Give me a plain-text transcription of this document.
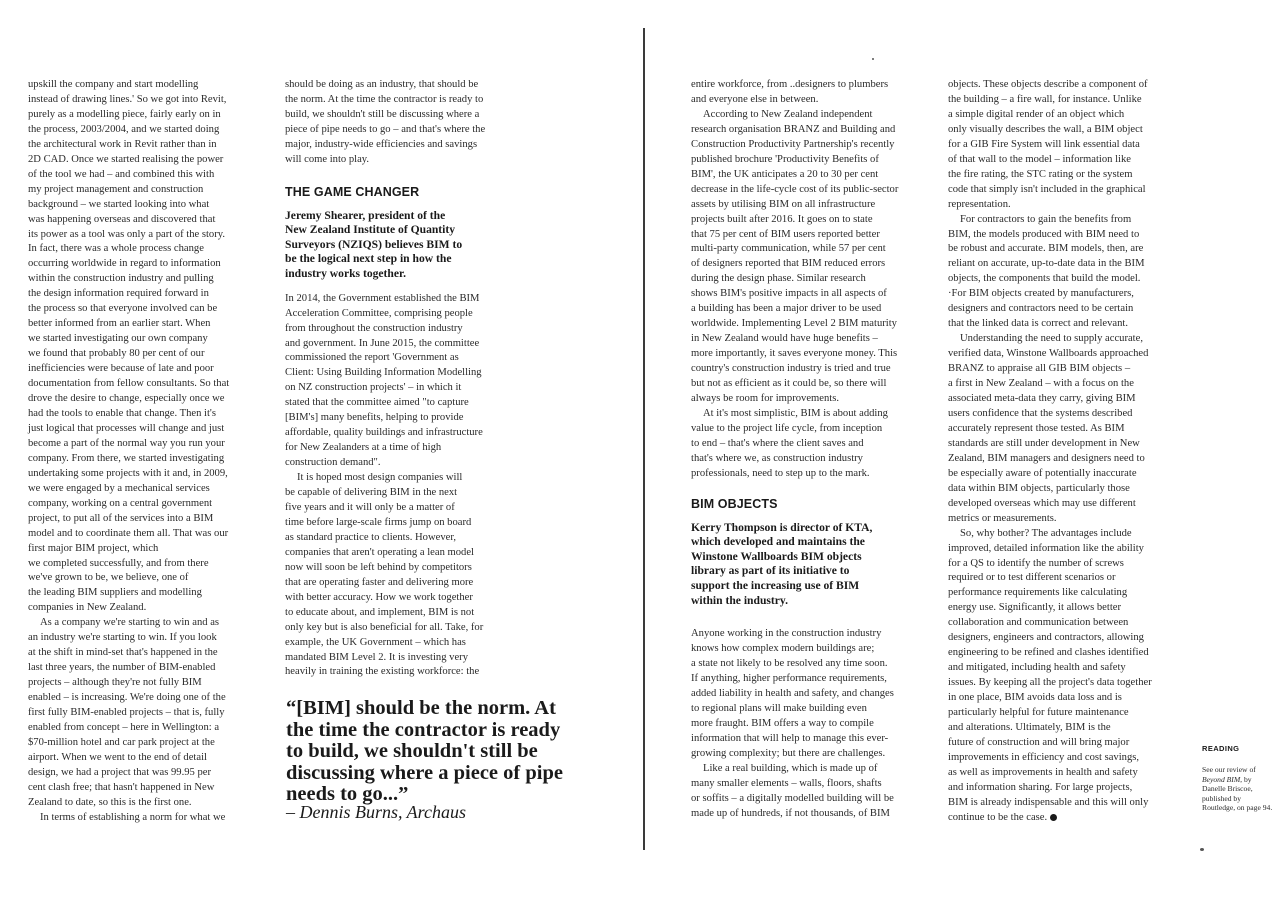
upskill the company and start modelling
instead of drawing lines.' So we got into Revit,
purely as a modelling piece, fairly early on in
the process, 2003/2004, and we started doing
the architectural work in Revit rather than in
2D CAD. Once we started realising the power
of the tool we had – and combined this with
my project management and construction
background – we started looking into what
was happening overseas and discovered that
its power as a tool was only a part of the story.
In fact, there was a whole process change
occurring worldwide in regard to information
within the construction industry and pulling
the design information required forward in
the process so that everyone involved can be
better informed from an earlier start. When
we started investigating our own company
we found that probably 80 per cent of our
inefficiencies were because of late and poor
documentation from fellow consultants. So that
drove the desire to change, especially once we
had the tools to enable that change. Then it's
just logical that processes will change and just
become a part of the normal way you run your
company. From there, we started investigating
undertaking some projects with it and, in 2009,
we were engaged by a mechanical services
company, working on a central government
project, to put all of the services into a BIM
model and to coordinate them all. That was our
first major BIM project, which
we completed successfully, and from there
we've grown to be, we believe, one of
the leading BIM suppliers and modelling
companies in New Zealand.

As a company we're starting to win and as
an industry we're starting to win. If you look
at the shift in mind-set that's happened in the
last three years, the number of BIM-enabled
projects – although they're not fully BIM
enabled – is increasing. We're doing one of the
first fully BIM-enabled projects – that is, fully
enabled from concept – here in Wellington: a
$70-million hotel and car park project at the
airport. When we went to the end of detail
design, we had a project that was 99.95 per
cent clash free; that hasn't happened in New
Zealand to date, so this is the first one.

In terms of establishing a norm for what we

should be doing as an industry, that should be
the norm. At the time the contractor is ready to
build, we shouldn't still be discussing where a
piece of pipe needs to go – and that's where the
major, industry-wide efficiencies and savings
will come into play.

THE GAME CHANGER

Jeremy Shearer, president of the
New Zealand Institute of Quantity
Surveyors (NZIQS) believes BIM to
be the logical next step in how the
industry works together.

In 2014, the Government established the BIM
Acceleration Committee, comprising people
from throughout the construction industry
and government. In June 2015, the committee
commissioned the report 'Government as
Client: Using Building Information Modelling
on NZ construction projects' – in which it
stated that the committee aimed "to capture
[BIM's] many benefits, helping to provide
affordable, quality buildings and infrastructure
for New Zealanders at a time of high
construction demand".

It is hoped most design companies will
be capable of delivering BIM in the next
five years and it will only be a matter of
time before large-scale firms jump on board
as standard practice to clients. However,
companies that aren't operating a lean model
now will soon be left behind by competitors
that are operating faster and delivering more
with better accuracy. How we work together
to educate about, and implement, BIM is not
only key but is also beneficial for all. Take, for
example, the UK Government – which has
mandated BIM Level 2. It is investing very
heavily in training the existing workforce: the

“[BIM] should be the norm. At
the time the contractor is ready
to build, we shouldn't still be
discussing where a piece of pipe
needs to go...”

– Dennis Burns, Archaus

entire workforce, from ..designers to plumbers
and everyone else in between.

According to New Zealand independent
research organisation BRANZ and Building and
Construction Productivity Partnership's recently
published brochure 'Productivity Benefits of
BIM', the UK anticipates a 20 to 30 per cent
decrease in the life-cycle cost of its public-sector
assets by utilising BIM on all infrastructure
projects built after 2016. It goes on to state
that 75 per cent of BIM users reported better
multi-party communication, while 57 per cent
of designers reported that BIM reduced errors
during the design phase. Similar research
shows BIM's positive impacts in all aspects of
a building has been a major driver to be used
worldwide. Implementing Level 2 BIM maturity
in New Zealand would have huge benefits –
more importantly, it saves everyone money. This
country's construction industry is tried and true
but not as efficient as it could be, so there will
always be room for improvements.

At it's most simplistic, BIM is about adding
value to the project life cycle, from inception
to end – that's where the client saves and
that's where we, as construction industry
professionals, need to step up to the mark.

BIM OBJECTS

Kerry Thompson is director of KTA,
which developed and maintains the
Winstone Wallboards BIM objects
library as part of its initiative to
support the increasing use of BIM
within the industry.

Anyone working in the construction industry
knows how complex modern buildings are;
a state not likely to be resolved any time soon.
If anything, higher performance requirements,
added liability in health and safety, and changes
to regional plans will make building even
more fraught. BIM offers a way to compile
information that will help to manage this ever-
growing complexity; but there are challenges.

Like a real building, which is made up of
many smaller elements – walls, floors, shafts
or soffits – a digitally modelled building will be
made up of hundreds, if not thousands, of BIM

objects. These objects describe a component of
the building – a fire wall, for instance. Unlike
a simple digital render of an object which
only visually describes the wall, a BIM object
for a GIB Fire System will link essential data
of that wall to the model – information like
the fire rating, the STC rating or the system
code that simply isn't included in the graphical
representation.

For contractors to gain the benefits from
BIM, the models produced with BIM need to
be robust and accurate. BIM models, then, are
reliant on accurate, up-to-date data in the BIM
objects, the components that build the model.
·For BIM objects created by manufacturers,
designers and contractors need to be certain
that the linked data is correct and relevant.

Understanding the need to supply accurate,
verified data, Winstone Wallboards approached
BRANZ to appraise all GIB BIM objects –
a first in New Zealand – with a focus on the
associated meta-data they carry, giving BIM
users confidence that the systems described
accurately represent those tested. As BIM
standards are still under development in New
Zealand, BIM managers and designers need to
be especially aware of potentially inaccurate
data within BIM objects, particularly those
developed overseas which may use different
metrics or measurements.

So, why bother? The advantages include
improved, detailed information like the ability
for a QS to identify the number of screws
required or to test different scenarios or
performance requirements like calculating
energy use. Significantly, it allows better
collaboration and communication between
designers, engineers and contractors, allowing
engineering to be refined and clashes identified
and mitigated, including health and safety
issues. By keeping all the project's data together
in one place, BIM avoids data loss and is
particularly helpful for future maintenance
and alterations. Ultimately, BIM is the
future of construction and will bring major
improvements in efficiency and cost savings,
as well as improvements in health and safety
and information sharing. For large projects,
BIM is already indispensable and this will only
continue to be the case.

READING

See our review of Beyond BIM, by Danelle Briscoe, published by Routledge, on page 94.
